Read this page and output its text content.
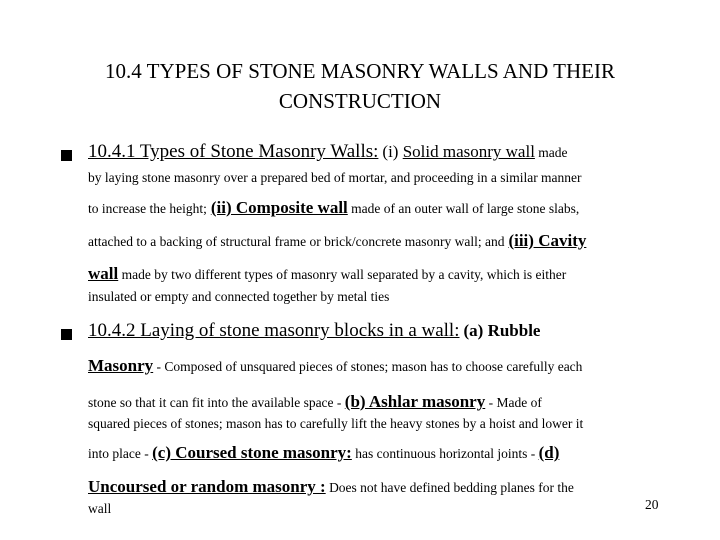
10.4 TYPES OF STONE MASONRY WALLS AND THEIR
CONSTRUCTION
10.4.1 Types of Stone Masonry Walls: (i) Solid masonry wall made
by laying stone masonry over a prepared bed of mortar, and proceeding in a similar manner
to increase the height; (ii) Composite wall made of an outer wall of large stone slabs,
attached to a backing of structural frame or brick/concrete masonry wall; and (iii) Cavity
wall made by two different types of masonry wall separated by a cavity, which is either
insulated or empty and connected together by metal ties
10.4.2 Laying of stone masonry blocks in a wall: (a) Rubble
Masonry - Composed of unsquared pieces of stones; mason has to choose carefully each
stone so that it can fit into the available space - (b) Ashlar masonry - Made of
squared pieces of stones; mason has to carefully lift the heavy stones by a hoist and lower it
into place - (c) Coursed stone masonry: has continuous horizontal joints - (d)
Uncoursed or random masonry : Does not have defined bedding planes for the
wall	20
